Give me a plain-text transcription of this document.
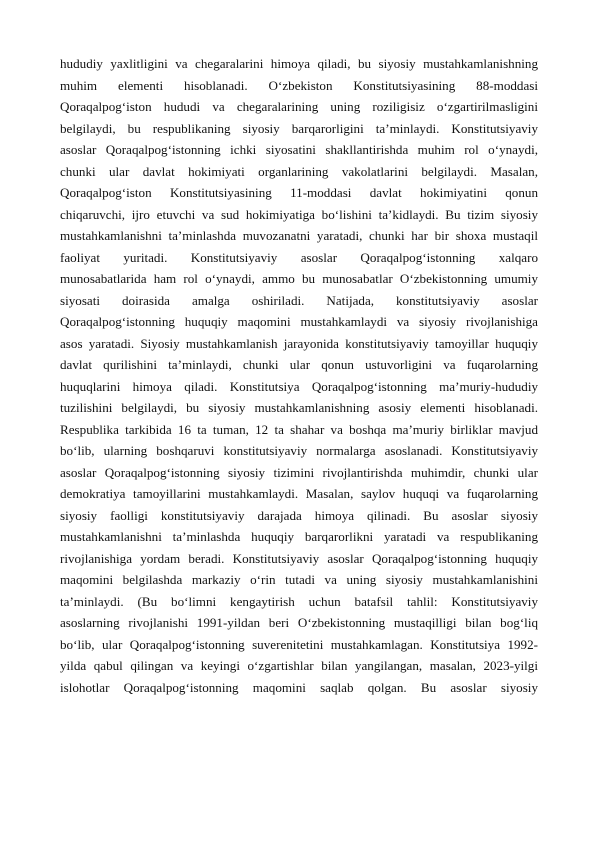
hududiy yaxlitligini va chegaralarini himoya qiladi, bu siyosiy mustahkamlanishning
muhim elementi hisoblanadi. O‘zbekiston Konstitutsiyasining 88-moddasi
Qoraqalpog‘iston hududi va chegaralarining uning roziligisiz o‘zgartirilmasligini
belgilaydi, bu respublikaning siyosiy barqarorligini ta’minlaydi. Konstitutsiyaviy
asoslar Qoraqalpog‘istonning ichki siyosatini shakllantirishda muhim rol o‘ynaydi,
chunki ular davlat hokimiyati organlarining vakolatlarini belgilaydi. Masalan,
Qoraqalpog‘iston Konstitutsiyasining 11-moddasi davlat hokimiyatini qonun
chiqaruvchi, ijro etuvchi va sud hokimiyatiga bo‘lishini ta’kidlaydi. Bu tizim siyosiy
mustahkamlanishni ta’minlashda muvozanatni yaratadi, chunki har bir shoxa mustaqil
faoliyat yuritadi. Konstitutsiyaviy asoslar Qoraqalpog‘istonning xalqaro
munosabatlarida ham rol o‘ynaydi, ammo bu munosabatlar O‘zbekistonning umumiy
siyosati doirasida amalga oshiriladi. Natijada, konstitutsiyaviy asoslar
Qoraqalpog‘istonning huquqiy maqomini mustahkamlaydi va siyosiy rivojlanishiga
asos yaratadi. Siyosiy mustahkamlanish jarayonida konstitutsiyaviy tamoyillar huquqiy
davlat qurilishini ta’minlaydi, chunki ular qonun ustuvorligini va fuqarolarning
huquqlarini himoya qiladi. Konstitutsiya Qoraqalpog‘istonning ma’muriy-hududiy
tuzilishini belgilaydi, bu siyosiy mustahkamlanishning asosiy elementi hisoblanadi.
Respublika tarkibida 16 ta tuman, 12 ta shahar va boshqa ma’muriy birliklar mavjud
bo‘lib, ularning boshqaruvi konstitutsiyaviy normalarga asoslanadi. Konstitutsiyaviy
asoslar Qoraqalpog‘istonning siyosiy tizimini rivojlantirishda muhimdir, chunki ular
demokratiya tamoyillarini mustahkamlaydi. Masalan, saylov huquqi va fuqarolarning
siyosiy faolligi konstitutsiyaviy darajada himoya qilinadi. Bu asoslar siyosiy
mustahkamlanishni ta’minlashda huquqiy barqarorlikni yaratadi va respublikaning
rivojlanishiga yordam beradi. Konstitutsiyaviy asoslar Qoraqalpog‘istonning huquqiy
maqomini belgilashda markaziy o‘rin tutadi va uning siyosiy mustahkamlanishini
ta’minlaydi. (Bu bo‘limni kengaytirish uchun batafsil tahlil: Konstitutsiyaviy
asoslarning rivojlanishi 1991-yildan beri O‘zbekistonning mustaqilligi bilan bog‘liq
bo‘lib, ular Qoraqalpog‘istonning suverenitetini mustahkamlagan. Konstitutsiya 1992-
yilda qabul qilingan va keyingi o‘zgartishlar bilan yangilangan, masalan, 2023-yilgi
islohotlar Qoraqalpog‘istonning maqomini saqlab qolgan. Bu asoslar siyosiy
